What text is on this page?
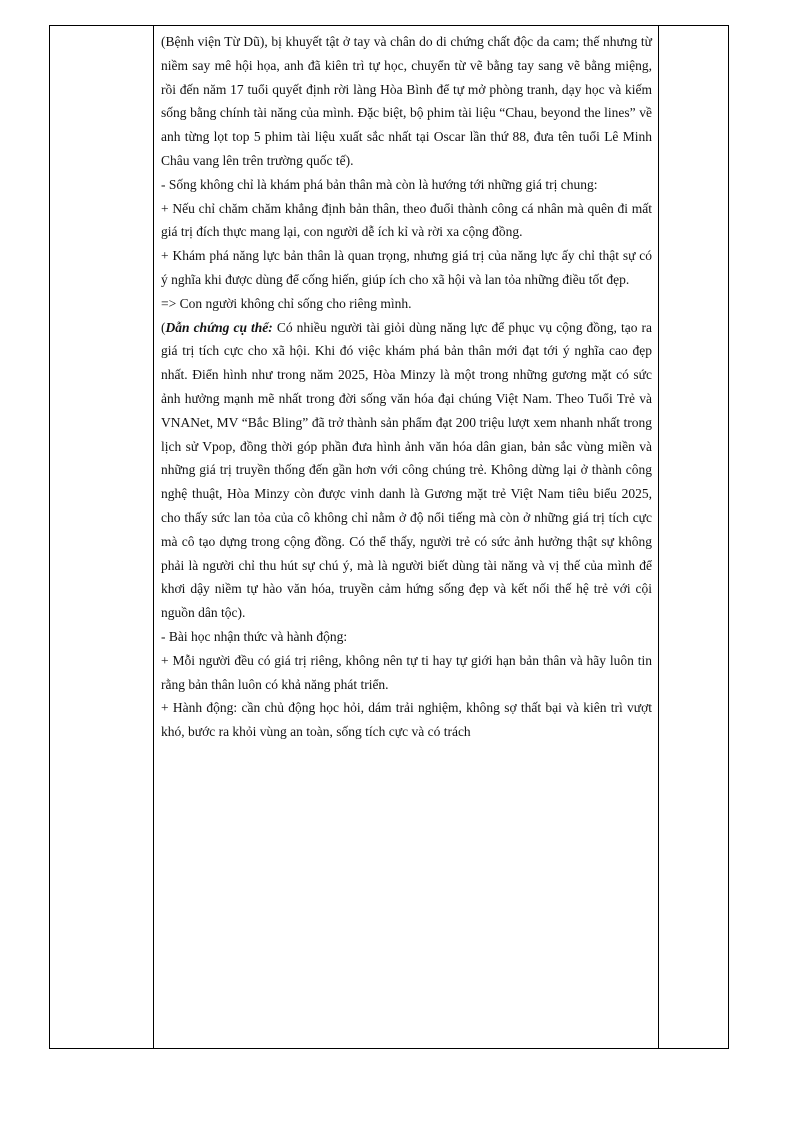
(Bệnh viện Từ Dũ), bị khuyết tật ở tay và chân do di chứng chất độc da cam; thế nhưng từ niềm say mê hội họa, anh đã kiên trì tự học, chuyển từ vẽ bằng tay sang vẽ bằng miệng, rồi đến năm 17 tuổi quyết định rời làng Hòa Bình để tự mở phòng tranh, dạy học và kiếm sống bằng chính tài năng của mình. Đặc biệt, bộ phim tài liệu “Chau, beyond the lines” về anh từng lọt top 5 phim tài liệu xuất sắc nhất tại Oscar lần thứ 88, đưa tên tuổi Lê Minh Châu vang lên trên trường quốc tế).

- Sống không chỉ là khám phá bản thân mà còn là hướng tới những giá trị chung:

+ Nếu chỉ chăm chăm khẳng định bản thân, theo đuổi thành công cá nhân mà quên đi mất giá trị đích thực mang lại, con người dễ ích kỉ và rời xa cộng đồng.

+ Khám phá năng lực bản thân là quan trọng, nhưng giá trị của năng lực ấy chỉ thật sự có ý nghĩa khi được dùng để cống hiến, giúp ích cho xã hội và lan tỏa những điều tốt đẹp.

=> Con người không chỉ sống cho riêng mình.

(Dẫn chứng cụ thể: Có nhiều người tài giỏi dùng năng lực để phục vụ cộng đồng, tạo ra giá trị tích cực cho xã hội. Khi đó việc khám phá bản thân mới đạt tới ý nghĩa cao đẹp nhất. Điển hình như trong năm 2025, Hòa Minzy là một trong những gương mặt có sức ảnh hưởng mạnh mẽ nhất trong đời sống văn hóa đại chúng Việt Nam. Theo Tuổi Trẻ và VNANet, MV “Bắc Bling” đã trở thành sản phẩm đạt 200 triệu lượt xem nhanh nhất trong lịch sử Vpop, đồng thời góp phần đưa hình ảnh văn hóa dân gian, bản sắc vùng miền và những giá trị truyền thống đến gần hơn với công chúng trẻ. Không dừng lại ở thành công nghệ thuật, Hòa Minzy còn được vinh danh là Gương mặt trẻ Việt Nam tiêu biểu 2025, cho thấy sức lan tỏa của cô không chỉ nằm ở độ nổi tiếng mà còn ở những giá trị tích cực mà cô tạo dựng trong cộng đồng. Có thể thấy, người trẻ có sức ảnh hưởng thật sự không phải là người chỉ thu hút sự chú ý, mà là người biết dùng tài năng và vị thế của mình để khơi dậy niềm tự hào văn hóa, truyền cảm hứng sống đẹp và kết nối thế hệ trẻ với cội nguồn dân tộc).

- Bài học nhận thức và hành động:

+ Mỗi người đều có giá trị riêng, không nên tự ti hay tự giới hạn bản thân và hãy luôn tin rằng bản thân luôn có khả năng phát triển.

+ Hành động: cần chủ động học hỏi, dám trải nghiệm, không sợ thất bại và kiên trì vượt khó, bước ra khỏi vùng an toàn, sống tích cực và có trách
